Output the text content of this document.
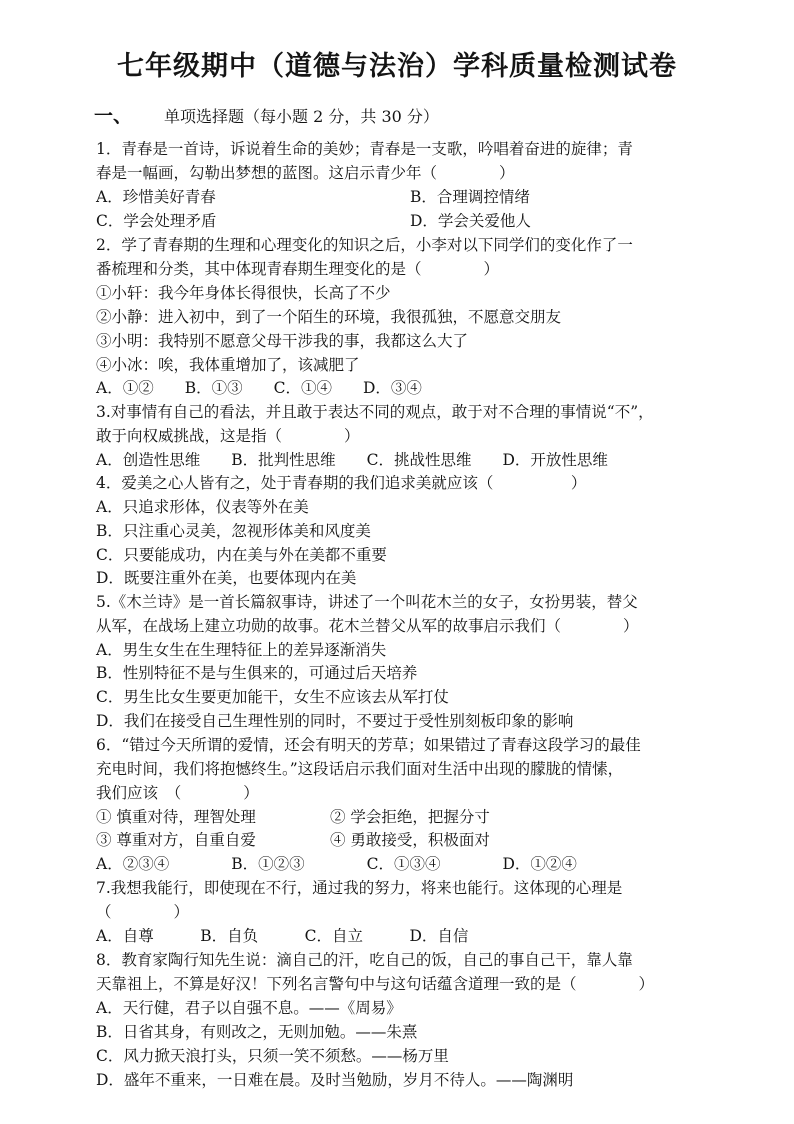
七年级期中（道德与法治）学科质量检测试卷
一、 单项选择题（每小题 2 分，共 30 分）
1．青春是一首诗，诉说着生命的美妙；青春是一支歌，吟唱着奋进的旋律；青
春是一幅画，勾勒出梦想的蓝图。这启示青少年（　　　　）
A．珍惜美好青春	B．合理调控情绪
C．学会处理矛盾	D．学会关爱他人
2．学了青春期的生理和心理变化的知识之后，小李对以下同学们的变化作了一
番梳理和分类，其中体现青春期生理变化的是（　　　　）
①小轩：我今年身体长得很快，长高了不少
②小静：进入初中，到了一个陌生的环境，我很孤独，不愿意交朋友
③小明：我特别不愿意父母干涉我的事，我都这么大了
④小冰：唉，我体重增加了，该减肥了
A．①②　　B．①③　　C．①④　　D．③④
3.对事情有自己的看法，并且敢于表达不同的观点，敢于对不合理的事情说“不”，
敢于向权威挑战，这是指（　　　　）
A．创造性思维　　B．批判性思维　　C．挑战性思维　　D．开放性思维
4．爱美之心人皆有之，处于青春期的我们追求美就应该（　　　　　）
A．只追求形体，仪表等外在美
B．只注重心灵美，忽视形体美和风度美
C．只要能成功，内在美与外在美都不重要
D．既要注重外在美，也要体现内在美
5.《木兰诗》是一首长篇叙事诗，讲述了一个叫花木兰的女子，女扮男装，替父
从军，在战场上建立功勋的故事。花木兰替父从军的故事启示我们（　　　　）
A．男生女生在生理特征上的差异逐渐消失
B．性别特征不是与生俱来的，可通过后天培养
C．男生比女生要更加能干，女生不应该去从军打仗
D．我们在接受自己生理性别的同时，不要过于受性别刻板印象的影响
6．“错过今天所谓的爱情，还会有明天的芳草；如果错过了青春这段学习的最佳
充电时间，我们将抱憾终生。”这段话启示我们面对生活中出现的朦胧的情愫，
我们应该　（　　　　）
① 慎重对待，理智处理	② 学会拒绝，把握分寸
③ 尊重对方，自重自爱	④ 勇敢接受，积极面对
A．②③④　　　　B．①②③　　　　C．①③④　　　　D．①②④
7.我想我能行，即使现在不行，通过我的努力，将来也能行。这体现的心理是
（　　　　）
A．自尊　　　B．自负　　　C．自立　　　D．自信
8．教育家陶行知先生说：滴自己的汗，吃自己的饭，自己的事自己干，靠人靠
天靠祖上，不算是好汉！下列名言警句中与这句话蕴含道理一致的是（　　　　）
A．天行健，君子以自强不息。——《周易》
B．日省其身，有则改之，无则加勉。——朱熹
C．风力掀天浪打头，只须一笑不须愁。——杨万里
D．盛年不重来，一日难在晨。及时当勉励，岁月不待人。——陶渊明
